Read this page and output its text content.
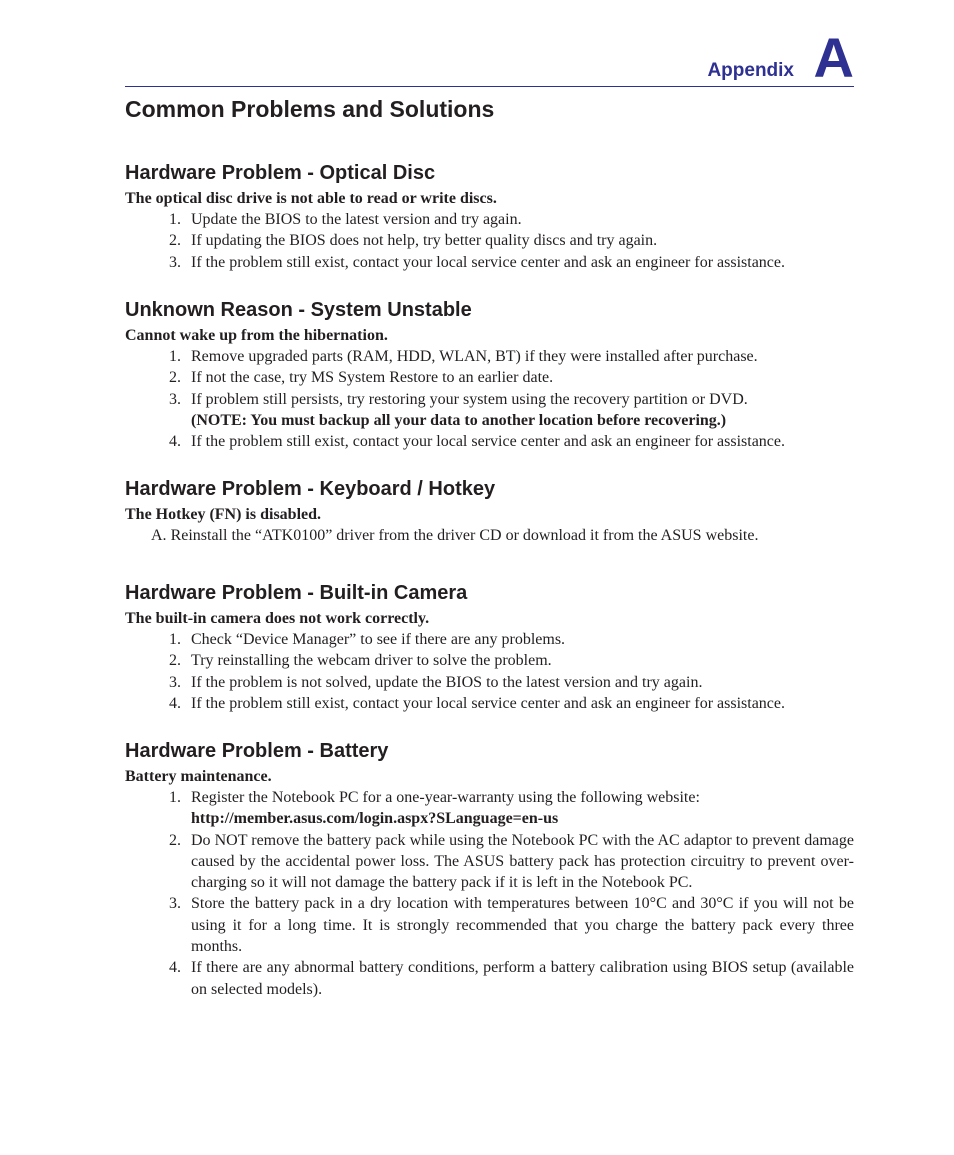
Appendix A
Common Problems and Solutions
Hardware Problem - Optical Disc
The optical disc drive is not able to read or write discs.
1. Update the BIOS to the latest version and try again.
2. If updating the BIOS does not help, try better quality discs and try again.
3. If the problem still exist, contact your local service center and ask an engineer for assistance.
Unknown Reason - System Unstable
Cannot wake up from the hibernation.
1. Remove upgraded parts (RAM, HDD, WLAN, BT) if they were installed after purchase.
2. If not the case, try MS System Restore to an earlier date.
3. If problem still persists, try restoring your system using the recovery partition or DVD.
(NOTE: You must backup all your data to another location before recovering.)
4. If the problem still exist, contact your local service center and ask an engineer for assistance.
Hardware Problem - Keyboard / Hotkey
The Hotkey (FN) is disabled.
A. Reinstall the “ATK0100” driver from the driver CD or download it from the ASUS website.
Hardware Problem - Built-in Camera
The built-in camera does not work correctly.
1. Check “Device Manager” to see if there are any problems.
2. Try reinstalling the webcam driver to solve the problem.
3. If the problem is not solved, update the BIOS to the latest version and try again.
4. If the problem still exist, contact your local service center and ask an engineer for assistance.
Hardware Problem - Battery
Battery maintenance.
1. Register the Notebook PC for a one-year-warranty using the following website:
http://member.asus.com/login.aspx?SLanguage=en-us
2. Do NOT remove the battery pack while using the Notebook PC with the AC adaptor to prevent damage caused by the accidental power loss. The ASUS battery pack has protection circuitry to prevent over-charging so it will not damage the battery pack if it is left in the Notebook PC.
3. Store the battery pack in a dry location with temperatures between 10°C and 30°C if you will not be using it for a long time. It is strongly recommended that you charge the battery pack every three months.
4. If there are any abnormal battery conditions, perform a battery calibration using BIOS setup (available on selected models).
